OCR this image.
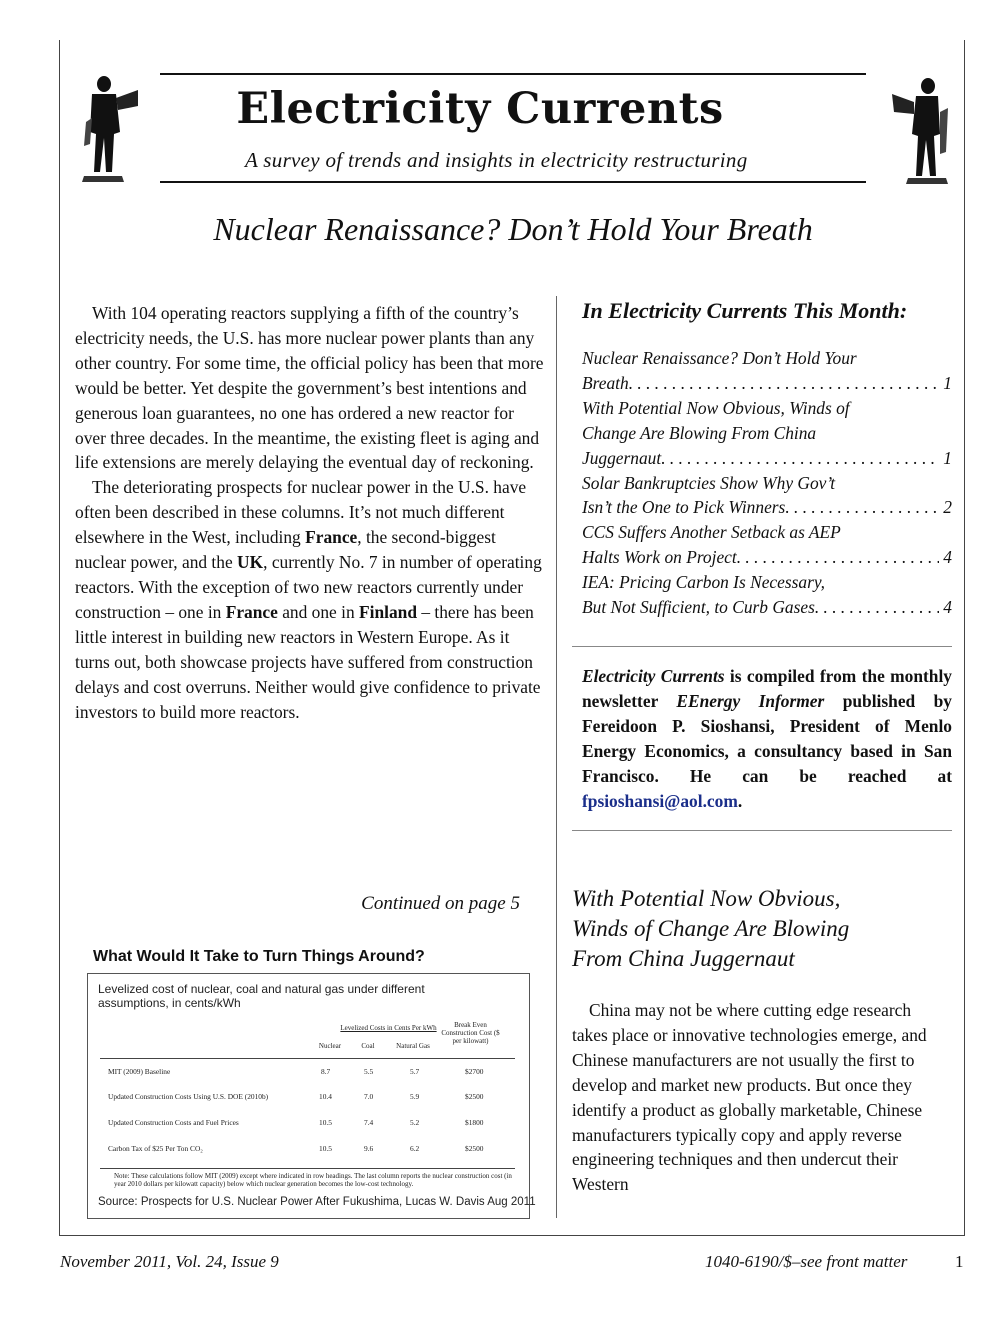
Electricity Currents
A survey of trends and insights in electricity restructuring
Nuclear Renaissance? Don’t Hold Your Breath

With 104 operating reactors supplying a fifth of the country’s electricity needs, the U.S. has more nuclear power plants than any other country. For some time, the official policy has been that more would be better. Yet despite the government’s best intentions and generous loan guarantees, no one has ordered a new reactor for over three decades. In the meantime, the existing fleet is aging and life extensions are merely delaying the eventual day of reckoning.

The deteriorating prospects for nuclear power in the U.S. have often been described in these columns. It’s not much different elsewhere in the West, including France, the second-biggest nuclear power, and the UK, currently No. 7 in number of operating reactors. With the exception of two new reactors currently under construction – one in France and one in Finland – there has been little interest in building new reactors in Western Europe. As it turns out, both showcase projects have suffered from construction delays and cost overruns. Neither would give confidence to private investors to build more reactors.

Continued on page 5
What Would It Take to Turn Things Around?
Levelized cost of nuclear, coal and natural gas under different assumptions, in cents/kWh
Levelized Costs in Cents Per kWh	Break Even Construction Cost ($ per kilowatt)
Nuclear	Coal	Natural Gas
MIT (2009) Baseline	8.7	5.5	5.7	$2700
Updated Construction Costs Using U.S. DOE (2010b)	10.4	7.0	5.9	$2500
Updated Construction Costs and Fuel Prices	10.5	7.4	5.2	$1800
Carbon Tax of $25 Per Ton CO₂	10.5	9.6	6.2	$2500
Note: These calculations follow MIT (2009) except where indicated in row headings. The last column reports the nuclear construction cost (in year 2010 dollars per kilowatt capacity) below which nuclear generation becomes the low-cost technology.
Source: Prospects for U.S. Nuclear Power After Fukushima, Lucas W. Davis Aug 2011
In Electricity Currents This Month:
Nuclear Renaissance? Don’t Hold Your
Breath . . .	1
With Potential Now Obvious, Winds of
Change Are Blowing From China
Juggernaut . . .	1
Solar Bankruptcies Show Why Gov’t
Isn’t the One to Pick Winners . . .	2
CCS Suffers Another Setback as AEP
Halts Work on Project . . .	4
IEA: Pricing Carbon Is Necessary,
But Not Sufficient, to Curb Gases . . .	4
Electricity Currents is compiled from the monthly newsletter EEnergy Informer published by Fereidoon P. Sioshansi, President of Menlo Energy Economics, a consultancy based in San Francisco. He can be reached at fpsioshansi@aol.com.
With Potential Now Obvious,
Winds of Change Are Blowing
From China Juggernaut

China may not be where cutting edge research takes place or innovative technologies emerge, and Chinese manufacturers are not usually the first to develop and market new products. But once they identify a product as globally marketable, Chinese manufacturers typically copy and apply reverse engineering techniques and then undercut their Western

November 2011, Vol. 24, Issue 9	1040-6190/$–see front matter	1
